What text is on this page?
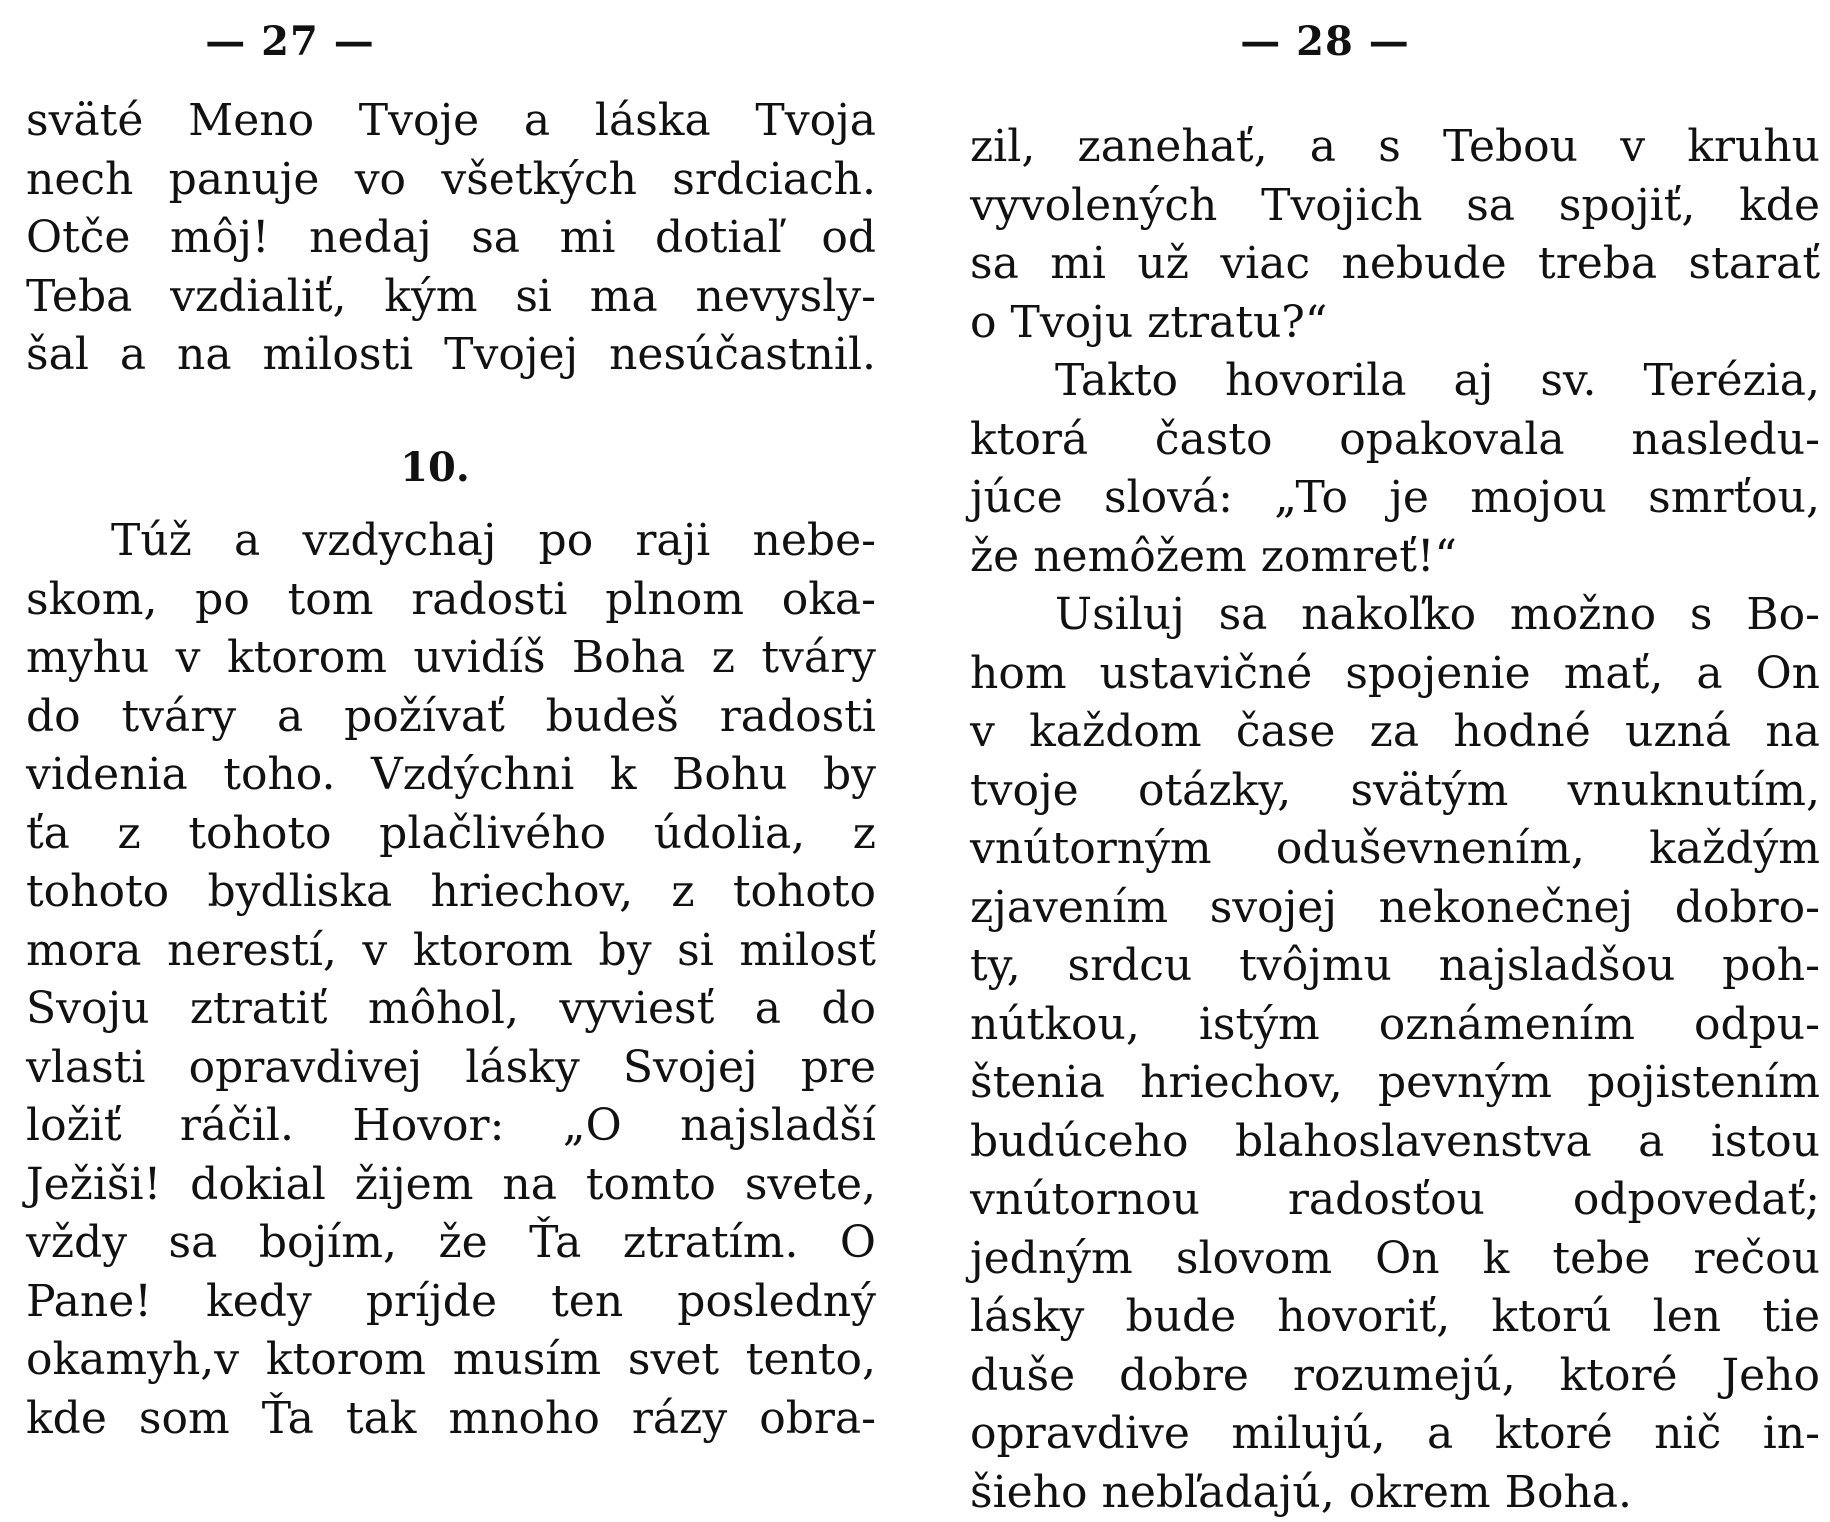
— 27 —
sväté Meno Tvoje a láska Tvoja
nech panuje vo všetkých srdciach.
Otče môj! nedaj sa mi dotiaľ od
Teba vzdialiť, kým si ma nevysly-
šal a na milosti Tvojej nesúčastnil.
10.
Túž a vzdychaj po raji nebe-
skom, po tom radosti plnom oka-
myhu v ktorom uvidíš Boha z tváry
do tváry a požívať budeš radosti
videnia toho. Vzdýchni k Bohu by
ťa z tohoto plačlivého údolia, z
tohoto bydliska hriechov, z tohoto
mora nerestí, v ktorom by si milosť
Svoju ztratiť môhol, vyviesť a do
vlasti opravdivej lásky Svojej pre
ložiť ráčil. Hovor: „O najsladší
Ježiši! dokial žijem na tomto svete,
vždy sa bojím, že Ťa ztratím. O
Pane! kedy príjde ten posledný
okamyh,v ktorom musím svet tento,
kde som Ťa tak mnoho rázy obra-
— 28 —
zil, zanehať, a s Tebou v kruhu
vyvolených Tvojich sa spojiť, kde
sa mi už viac nebude treba starať
o Tvoju ztratu?“
Takto hovorila aj sv. Terézia,
ktorá často opakovala nasledu-
júce slová: „To je mojou smrťou,
že nemôžem zomreť!“
Usiluj sa nakoľko možno s Bo-
hom ustavičné spojenie mať, a On
v každom čase za hodné uzná na
tvoje otázky, svätým vnuknutím,
vnútorným oduševnením, každým
zjavením svojej nekonečnej dobro-
ty, srdcu tvôjmu najsladšou poh-
nútkou, istým oznámením odpu-
štenia hriechov, pevným pojistením
budúceho blahoslavenstva a istou
vnútornou radosťou odpovedať;
jedným slovom On k tebe rečou
lásky bude hovoriť, ktorú len tie
duše dobre rozumejú, ktoré Jeho
opravdive milujú, a ktoré nič in-
šieho nebľadajú, okrem Boha.
